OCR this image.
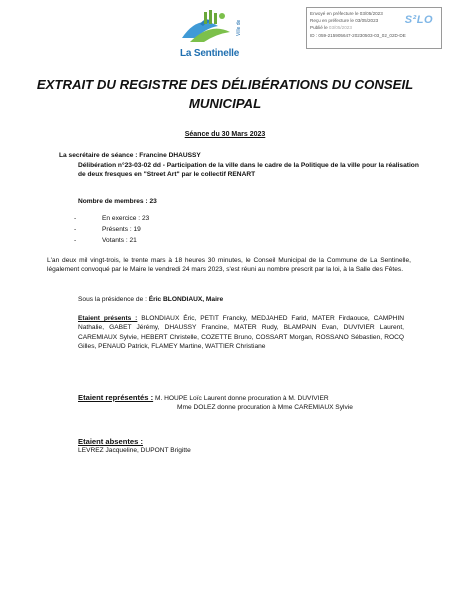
Ville de
La Sentinelle
Envoyé en préfecture le 03/05/2023
Reçu en préfecture le 03/05/2023
Publié le 03/05/2023
ID : 059-215905647-20230503-03_02_02D-DE
S²LO
EXTRAIT DU REGISTRE DES DÉLIBÉRATIONS DU CONSEIL MUNICIPAL
Séance du 30 Mars 2023
La secrétaire de séance : Francine DHAUSSY
Délibération n°23-03-02 dd - Participation de la ville dans le cadre de la Politique de la ville pour la réalisation de deux fresques en "Street Art" par le collectif RENART
Nombre de membres : 23
-	En exercice : 23
-	Présents : 19
-	Votants : 21
L'an deux mil vingt-trois, le trente mars à 18 heures 30 minutes, le Conseil Municipal de la Commune de La Sentinelle, légalement convoqué par le Maire le vendredi 24 mars 2023, s'est réuni au nombre prescrit par la loi, à la Salle des Fêtes.
Sous la présidence de : Éric BLONDIAUX, Maire
Etaient présents : BLONDIAUX Éric, PETIT Francky, MEDJAHED Farid, MATER Firdaouce, CAMPHIN Nathalie, GABET Jérémy, DHAUSSY Francine, MATER Rudy, BLAMPAIN Evan, DUVIVIER Laurent, CAREMIAUX Sylvie, HEBERT Christelle, COZETTE Bruno, COSSART Morgan, ROSSANO Sébastien, ROCQ Gilles, PENAUD Patrick, FLAMEY Martine, WATTIER Christiane
Etaient représentés : M. HOUPE Loïc Laurent donne procuration à M. DUVIVIER
Mme DOLEZ donne procuration à Mme CAREMIAUX Sylvie
Etaient absentes :
LEVREZ Jacqueline, DUPONT Brigitte
